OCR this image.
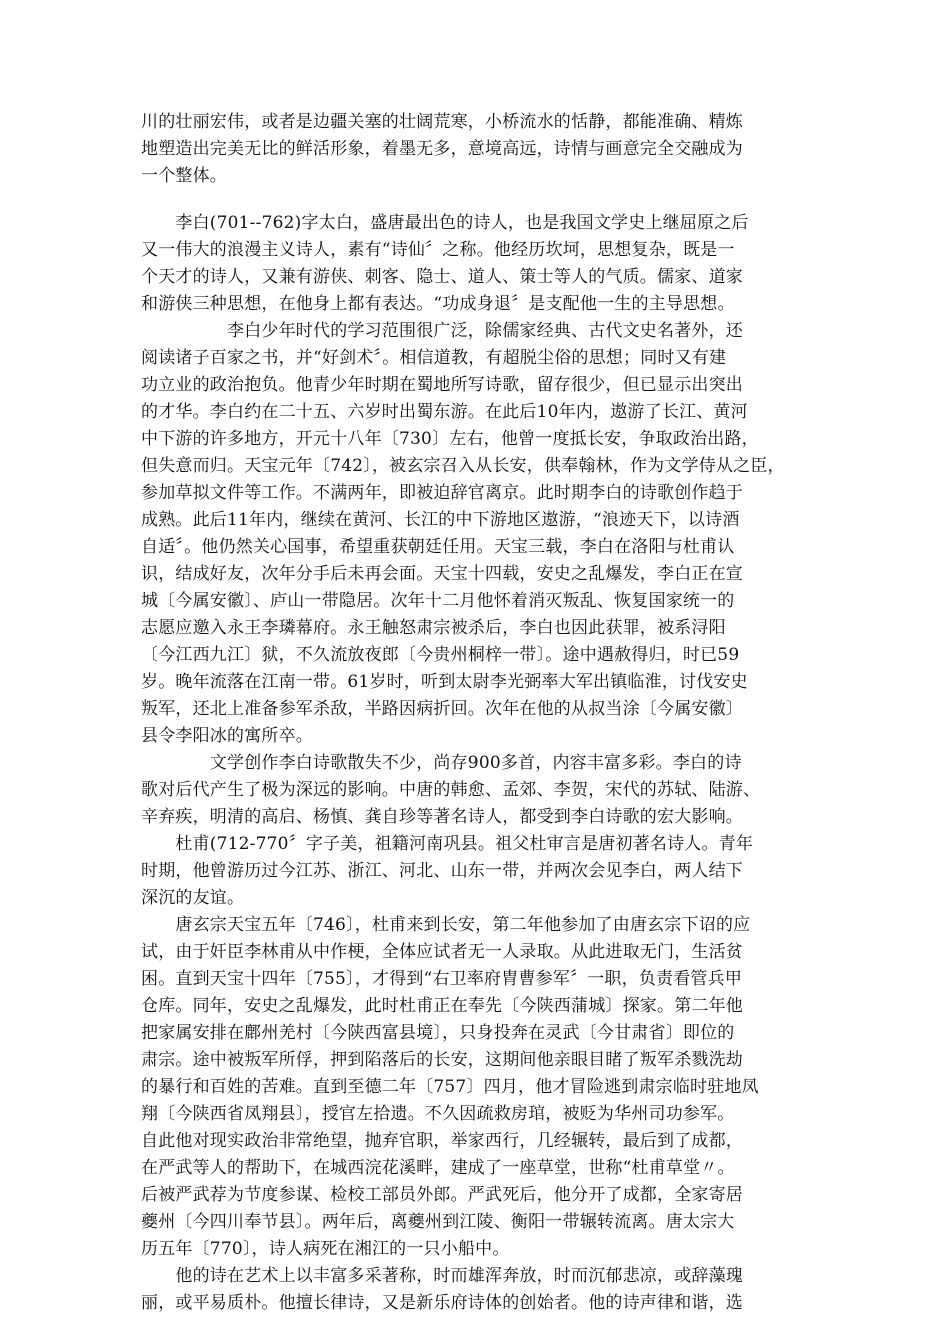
川的壮丽宏伟，或者是边疆关塞的壮阔荒寒，小桥流水的恬静，都能准确、精炼
地塑造出完美无比的鲜活形象，着墨无多，意境高远，诗情与画意完全交融成为
一个整体。
　　李白(701--762)字太白，盛唐最出色的诗人，也是我国文学史上继屈原之后
又一伟大的浪漫主义诗人，素有“诗仙〞之称。他经历坎坷，思想复杂，既是一
个天才的诗人，又兼有游侠、刺客、隐士、道人、策士等人的气质。儒家、道家
和游侠三种思想，在他身上都有表达。“功成身退〞是支配他一生的主导思想。
　　　　　李白少年时代的学习范围很广泛，除儒家经典、古代文史名著外，还
阅读诸子百家之书，并“好剑术〞。相信道教，有超脱尘俗的思想；同时又有建
功立业的政治抱负。他青少年时期在蜀地所写诗歌，留存很少，但已显示出突出
的才华。李白约在二十五、六岁时出蜀东游。在此后10年内，遨游了长江、黄河
中下游的许多地方，开元十八年〔730〕左右，他曾一度抵长安，争取政治出路，
但失意而归。天宝元年〔742〕，被玄宗召入从长安，供奉翰林，作为文学侍从之臣，
参加草拟文件等工作。不满两年，即被迫辞官离京。此时期李白的诗歌创作趋于
成熟。此后11年内，继续在黄河、长江的中下游地区遨游，“浪迹天下，以诗酒
自适〞。他仍然关心国事，希望重获朝廷任用。天宝三载，李白在洛阳与杜甫认
识，结成好友，次年分手后未再会面。天宝十四载，安史之乱爆发，李白正在宣
城〔今属安徽〕、庐山一带隐居。次年十二月他怀着消灭叛乱、恢复国家统一的
志愿应邀入永王李璘幕府。永王触怒肃宗被杀后，李白也因此获罪，被系浔阳
〔今江西九江〕狱，不久流放夜郎〔今贵州桐梓一带〕。途中遇赦得归，时已59
岁。晚年流落在江南一带。61岁时，听到太尉李光弼率大军出镇临淮，讨伐安史
叛军，还北上准备参军杀敌，半路因病折回。次年在他的从叔当涂〔今属安徽〕
县令李阳冰的寓所卒。
　　　　文学创作李白诗歌散失不少，尚存900多首，内容丰富多彩。李白的诗
歌对后代产生了极为深远的影响。中唐的韩愈、孟郊、李贺，宋代的苏轼、陆游、
辛弃疾，明清的高启、杨慎、龚自珍等著名诗人，都受到李白诗歌的宏大影响。
　　杜甫(712-770〞字子美，祖籍河南巩县。祖父杜审言是唐初著名诗人。青年
时期，他曾游历过今江苏、浙江、河北、山东一带，并两次会见李白，两人结下
深沉的友谊。
　　唐玄宗天宝五年〔746〕，杜甫来到长安，第二年他参加了由唐玄宗下诏的应
试，由于奸臣李林甫从中作梗，全体应试者无一人录取。从此进取无门，生活贫
困。直到天宝十四年〔755〕，才得到“右卫率府胄曹参军〞一职，负责看管兵甲
仓库。同年，安史之乱爆发，此时杜甫正在奉先〔今陕西蒲城〕探家。第二年他
把家属安排在鄜州羌村〔今陕西富县境〕，只身投奔在灵武〔今甘肃省〕即位的
肃宗。途中被叛军所俘，押到陷落后的长安，这期间他亲眼目睹了叛军杀戮洗劫
的暴行和百姓的苦难。直到至德二年〔757〕四月，他才冒险逃到肃宗临时驻地凤
翔〔今陕西省凤翔县〕，授官左拾遗。不久因疏救房琯，被贬为华州司功参军。
自此他对现实政治非常绝望，抛弃官职，举家西行，几经辗转，最后到了成都，
在严武等人的帮助下，在城西浣花溪畔，建成了一座草堂，世称“杜甫草堂〃。
后被严武荐为节度参谋、检校工部员外郎。严武死后，他分开了成都，全家寄居
夔州〔今四川奉节县〕。两年后，离夔州到江陵、衡阳一带辗转流离。唐太宗大
历五年〔770〕，诗人病死在湘江的一只小船中。
　　他的诗在艺术上以丰富多采著称，时而雄浑奔放，时而沉郁悲凉，或辞藻瑰
丽，或平易质朴。他擅长律诗，又是新乐府诗体的创始者。他的诗声律和谐，选
